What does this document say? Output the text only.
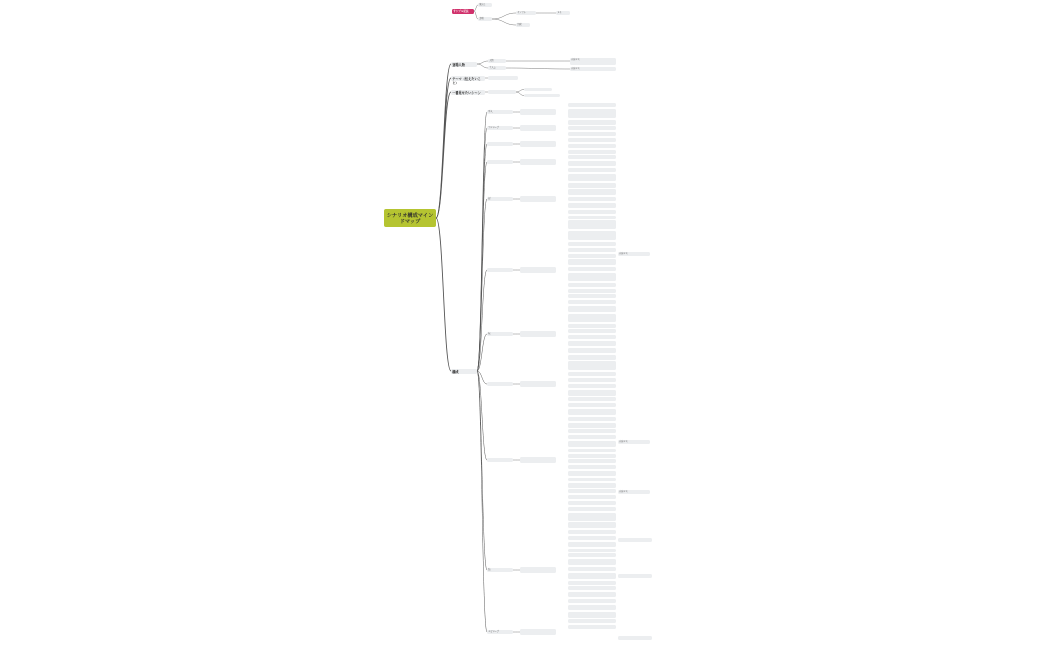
サンプル記法
見出し
説明
サンプル
注釈
メモ
シナリオ構成マインドマップ
登場人物
テーマ（伝えたいこと）
一番見せたいシーン
構成
人物
主人公
導入
プロローグ
起
転
結
エピローグ
内容メモ
内容メモ
内容メモ
内容メモ
内容メモ
